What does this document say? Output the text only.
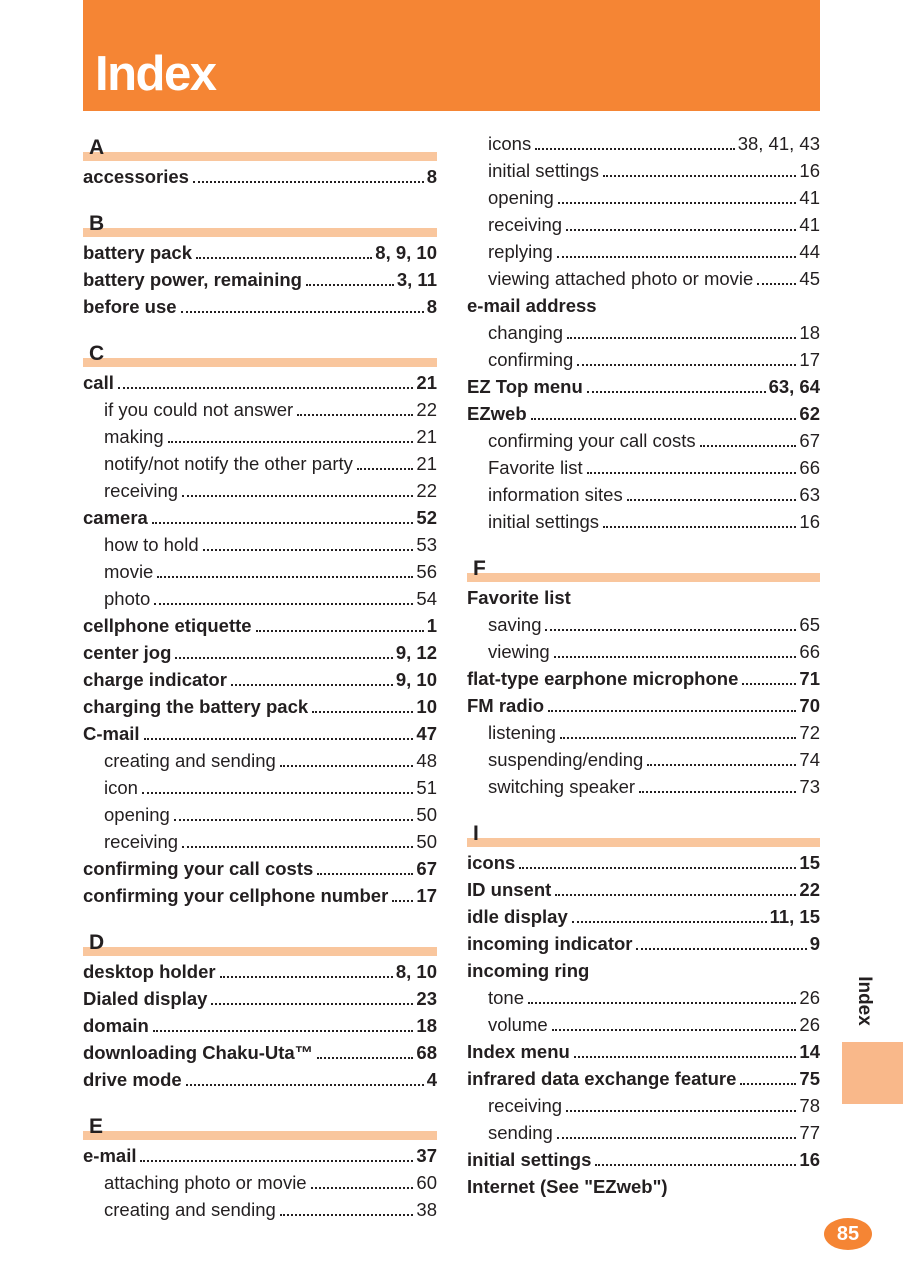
Index
A
accessories	8
B
battery pack	8, 9, 10
battery power, remaining	3, 11
before use	8
C
call	21
if you could not answer	22
making	21
notify/not notify the other party	21
receiving	22
camera	52
how to hold	53
movie	56
photo	54
cellphone etiquette	1
center jog	9, 12
charge indicator	9, 10
charging the battery pack	10
C-mail	47
creating and sending	48
icon	51
opening	50
receiving	50
confirming your call costs	67
confirming your cellphone number 17
D
desktop holder	8, 10
Dialed display	23
domain	18
downloading Chaku-Uta™	68
drive mode	4
E
e-mail	37
attaching photo or movie	60
creating and sending	38
icons	38, 41, 43
initial settings	16
opening	41
receiving	41
replying	44
viewing attached photo or movie 45
e-mail address
changing	18
confirming	17
EZ Top menu	63, 64
EZweb	62
confirming your call costs	67
Favorite list	66
information sites	63
initial settings	16
F
Favorite list
saving	65
viewing	66
flat-type earphone microphone	71
FM radio	70
listening	72
suspending/ending	74
switching speaker	73
I
icons	15
ID unsent	22
idle display	11, 15
incoming indicator	9
incoming ring
tone	26
volume	26
Index menu	14
infrared data exchange feature	75
receiving	78
sending	77
initial settings	16
Internet (See "EZweb")
Index
85
